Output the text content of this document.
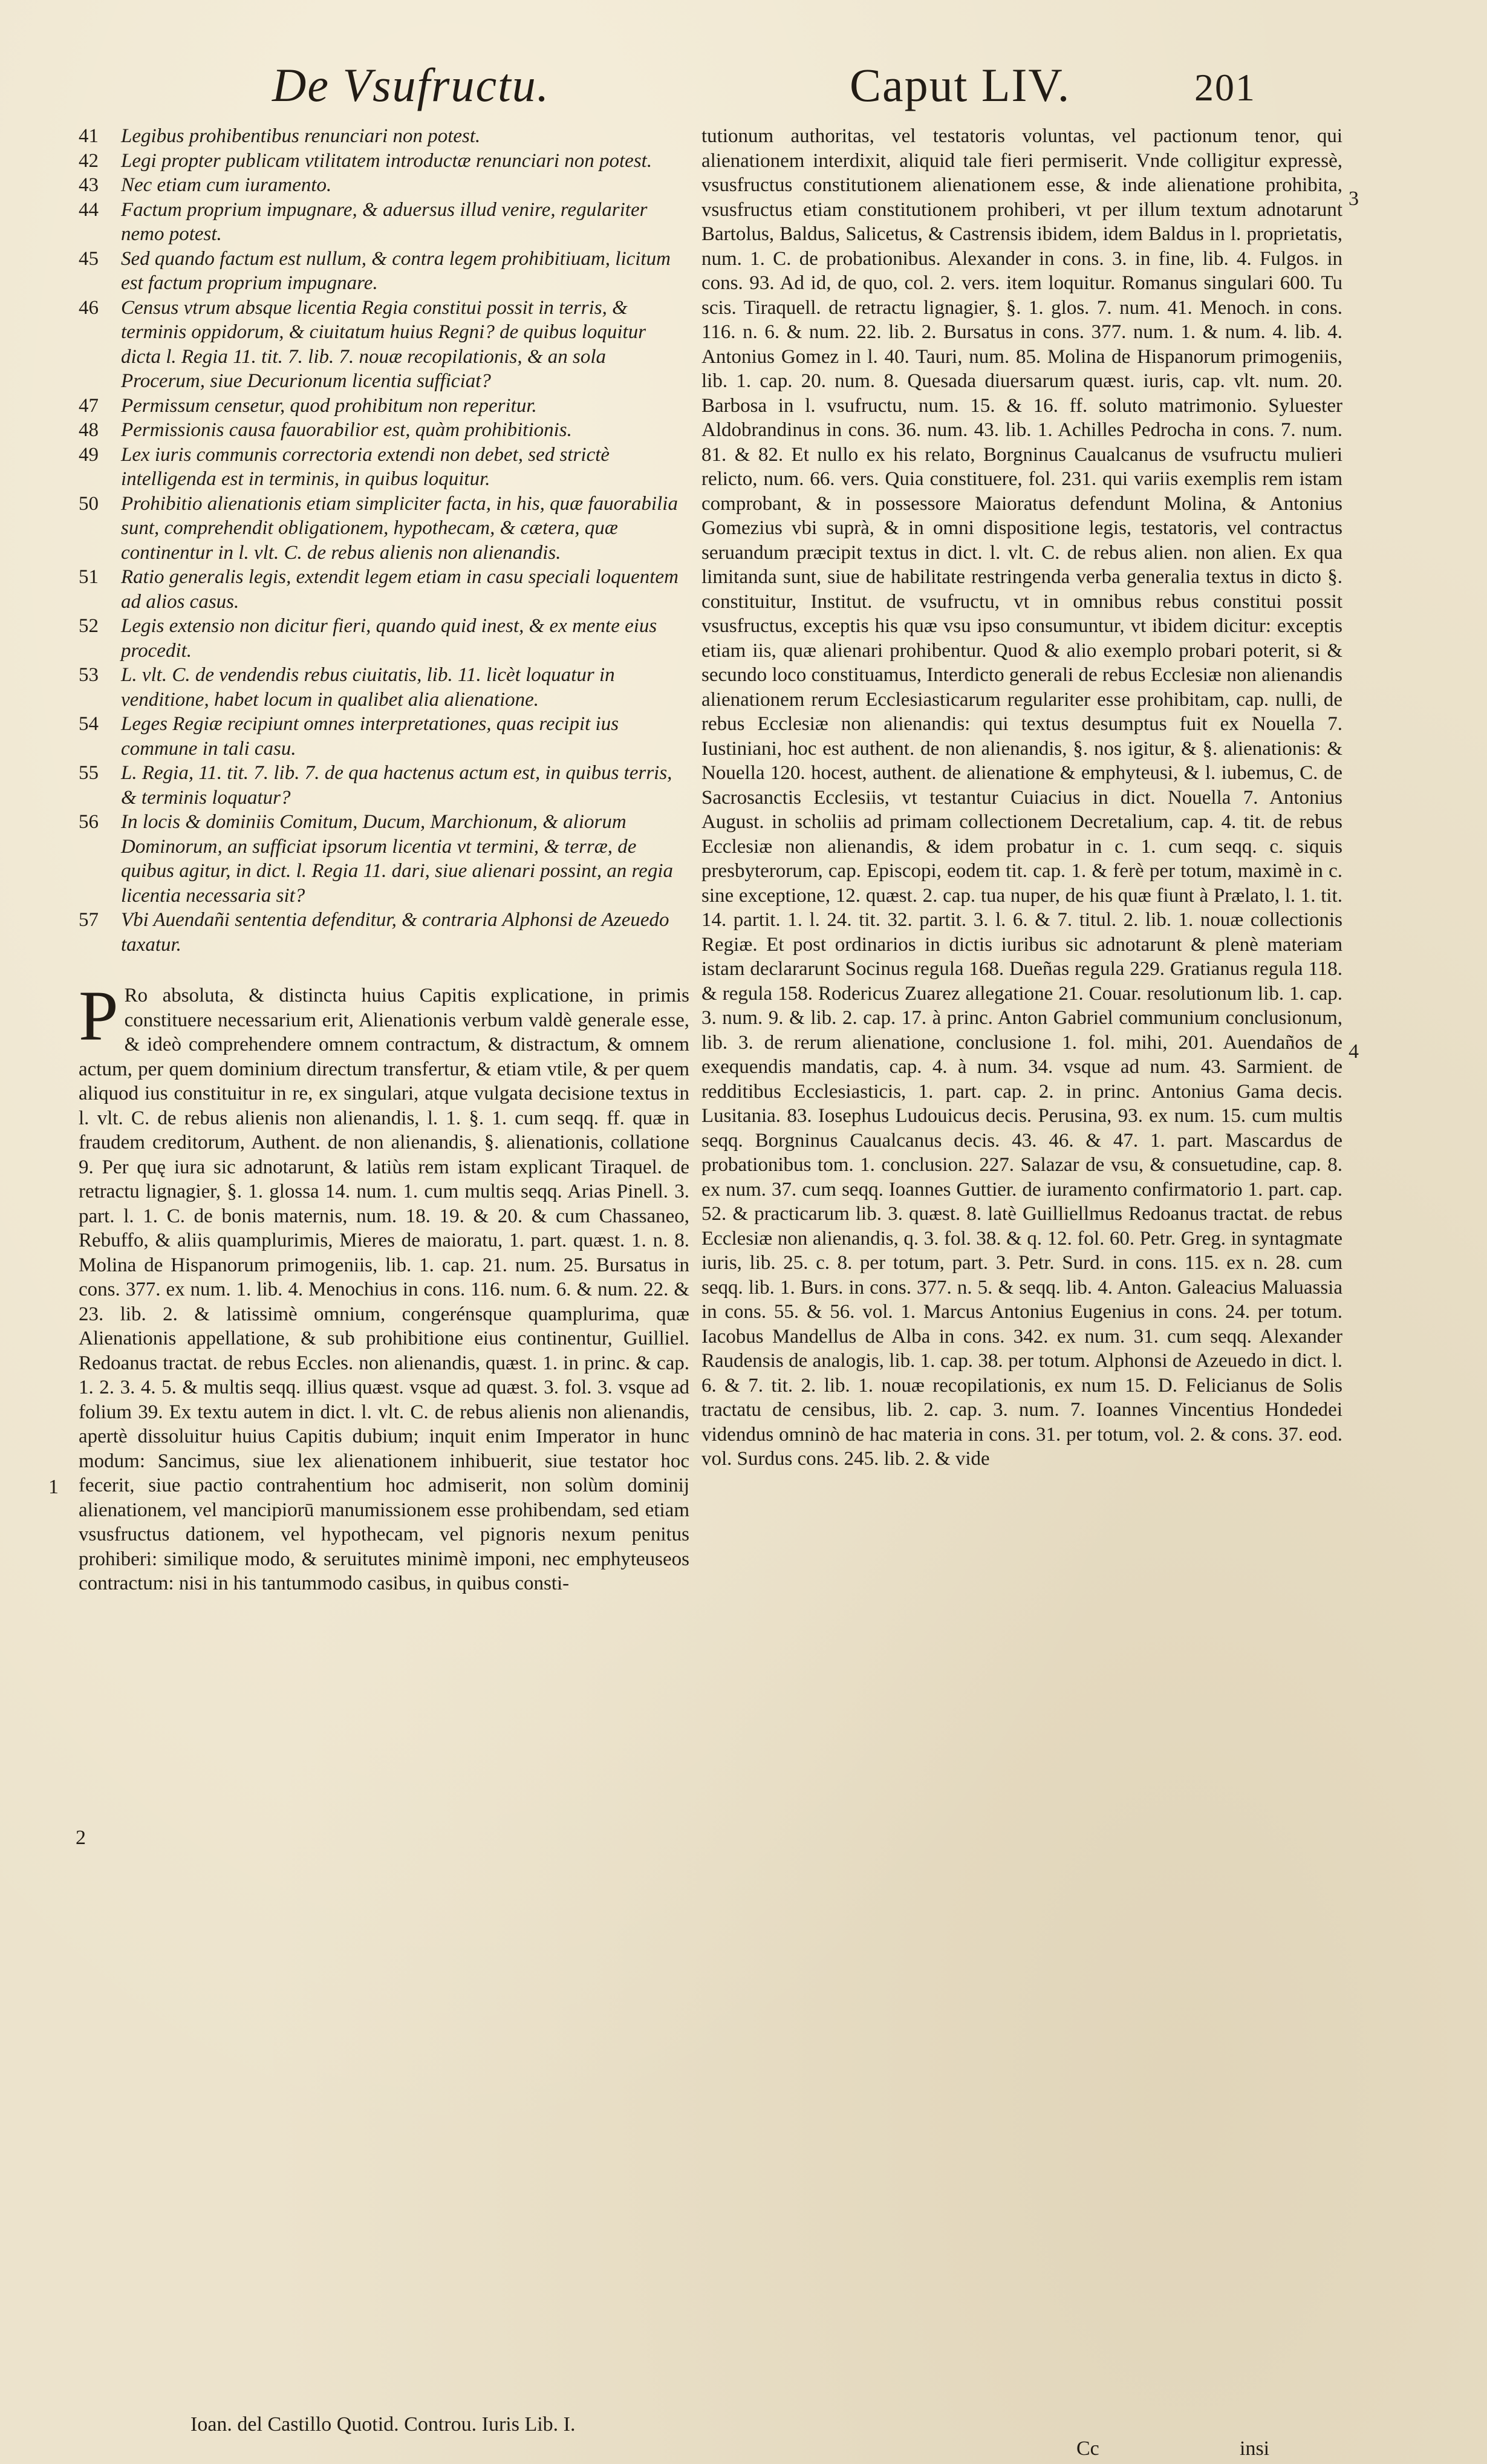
De Vsufructu.	Caput LIV.	201

41	Legibus prohibentibus renunciari non potest.

42	Legi propter publicam vtilitatem introductæ renunciari non potest.

43	Nec etiam cum iuramento.

44	Factum proprium impugnare, & aduersus illud venire, regulariter nemo potest.

45	Sed quando factum est nullum, & contra legem prohibitiuam, licitum est factum proprium impugnare.

46	Census vtrum absque licentia Regia constitui possit in terris, & terminis oppidorum, & ciuitatum huius Regni? de quibus loquitur dicta l. Regia 11. tit. 7. lib. 7. nouæ recopilationis, & an sola Procerum, siue Decurionum licentia sufficiat?

47	Permissum censetur, quod prohibitum non reperitur.

48	Permissionis causa fauorabilior est, quàm prohibitionis.

49	Lex iuris communis correctoria extendi non debet, sed strictè intelligenda est in terminis, in quibus loquitur.

50	Prohibitio alienationis etiam simpliciter facta, in his, quæ fauorabilia sunt, comprehendit obligationem, hypothecam, & cætera, quæ continentur in l. vlt. C. de rebus alienis non alienandis.

51	Ratio generalis legis, extendit legem etiam in casu speciali loquentem ad alios casus.

52	Legis extensio non dicitur fieri, quando quid inest, & ex mente eius procedit.

53	L. vlt. C. de vendendis rebus ciuitatis, lib. 11. licèt loquatur in venditione, habet locum in qualibet alia alienatione.

54	Leges Regiæ recipiunt omnes interpretationes, quas recipit ius commune in tali casu.

55	L. Regia, 11. tit. 7. lib. 7. de qua hactenus actum est, in quibus terris, & terminis loquatur?

56	In locis & dominiis Comitum, Ducum, Marchionum, & aliorum Dominorum, an sufficiat ipsorum licentia vt termini, & terræ, de quibus agitur, in dict. l. Regia 11. dari, siue alienari possint, an regia licentia necessaria sit?

57	Vbi Auendañi sententia defenditur, & contraria Alphonsi de Azeuedo taxatur.

P Ro absoluta, & distincta huius Capitis explicatione, in primis constituere necessarium erit, Alienationis verbum valdè generale esse, & ideò comprehendere omnem contractum, & distractum, & omnem actum, per quem dominium directum transfertur, & etiam vtile, & per quem aliquod ius constituitur in re, ex singulari, atque vulgata decisione textus in l. vlt. C. de rebus alienis non alienandis, l. 1. §. 1. cum seqq. ff. quæ in fraudem creditorum, Authent. de non alienandis, §. alienationis, collatione 9. Per quę iura sic adnotarunt, & latiùs rem istam explicant Tiraquel. de retractu lignagier, §. 1. glossa 14. num. 1. cum multis seqq. Arias Pinell. 3. part. l. 1. C. de bonis maternis, num. 18. 19. & 20. & cum Chassaneo, Rebuffo, & aliis quamplurimis, Mieres de maioratu, 1. part. quæst. 1. n. 8. Molina de Hispanorum primogeniis, lib. 1. cap. 21. num. 25. Bursatus in cons. 377. ex num. 1. lib. 4. Menochius in cons. 116. num. 6. & num. 22. & 23. lib. 2. & latissimè omnium, congerénsque quamplurima, quæ Alienationis appellatione, & sub prohibitione eius continentur, Guilliel. Redoanus tractat. de rebus Eccles. non alienandis, quæst. 1. in princ. & cap. 1. 2. 3. 4. 5. & multis seqq. illius quæst. vsque ad quæst. 3. fol. 3. vsque ad folium 39. Ex textu autem in dict. l. vlt. C. de rebus alienis non alienandis, apertè dissoluitur huius Capitis dubium; inquit enim Imperator in hunc modum: Sancimus, siue lex alienationem inhibuerit, siue testator hoc fecerit, siue pactio contrahentium hoc admiserit, non solùm dominij alienationem, vel mancipiorū manumissionem esse prohibendam, sed etiam vsusfructus dationem, vel hypothecam, vel pignoris nexum penitus prohiberi: similique modo, & seruitutes minimè imponi, nec emphyteuseos contractum: nisi in his tantummodo casibus, in quibus consti-

tutionum authoritas, vel testatoris voluntas, vel pactionum tenor, qui alienationem interdixit, aliquid tale fieri permiserit. Vnde colligitur expressè, vsusfructus constitutionem alienationem esse, & inde alienatione prohibita, vsusfructus etiam constitutionem prohiberi, vt per illum textum adnotarunt Bartolus, Baldus, Salicetus, & Castrensis ibidem, idem Baldus in l. proprietatis, num. 1. C. de probationibus. Alexander in cons. 3. in fine, lib. 4. Fulgos. in cons. 93. Ad id, de quo, col. 2. vers. item loquitur. Romanus singulari 600. Tu scis. Tiraquell. de retractu lignagier, §. 1. glos. 7. num. 41. Menoch. in cons. 116. n. 6. & num. 22. lib. 2. Bursatus in cons. 377. num. 1. & num. 4. lib. 4. Antonius Gomez in l. 40. Tauri, num. 85. Molina de Hispanorum primogeniis, lib. 1. cap. 20. num. 8. Quesada diuersarum quæst. iuris, cap. vlt. num. 20. Barbosa in l. vsufructu, num. 15. & 16. ff. soluto matrimonio. Syluester Aldobrandinus in cons. 36. num. 43. lib. 1. Achilles Pedrocha in cons. 7. num. 81. & 82. Et nullo ex his relato, Borgninus Caualcanus de vsufructu mulieri relicto, num. 66. vers. Quia constituere, fol. 231. qui variis exemplis rem istam comprobant, & in possessore Maioratus defendunt Molina, & Antonius Gomezius vbi suprà, & in omni dispositione legis, testatoris, vel contractus seruandum præcipit textus in dict. l. vlt. C. de rebus alien. non alien. Ex qua limitanda sunt, siue de habilitate restringenda verba generalia textus in dicto §. constituitur, Institut. de vsufructu, vt in omnibus rebus constitui possit vsusfructus, exceptis his quæ vsu ipso consumuntur, vt ibidem dicitur: exceptis etiam iis, quæ alienari prohibentur. Quod & alio exemplo probari poterit, si & secundo loco constituamus, Interdicto generali de rebus Ecclesiæ non alienandis alienationem rerum Ecclesiasticarum regulariter esse prohibitam, cap. nulli, de rebus Ecclesiæ non alienandis: qui textus desumptus fuit ex Nouella 7. Iustiniani, hoc est authent. de non alienandis, §. nos igitur, & §. alienationis: & Nouella 120. hocest, authent. de alienatione & emphyteusi, & l. iubemus, C. de Sacrosanctis Ecclesiis, vt testantur Cuiacius in dict. Nouella 7. Antonius August. in scholiis ad primam collectionem Decretalium, cap. 4. tit. de rebus Ecclesiæ non alienandis, & idem probatur in c. 1. cum seqq. c. siquis presbyterorum, cap. Episcopi, eodem tit. cap. 1. & ferè per totum, maximè in c. sine exceptione, 12. quæst. 2. cap. tua nuper, de his quæ fiunt à Prælato, l. 1. tit. 14. partit. 1. l. 24. tit. 32. partit. 3. l. 6. & 7. titul. 2. lib. 1. nouæ collectionis Regiæ. Et post ordinarios in dictis iuribus sic adnotarunt & plenè materiam istam declararunt Socinus regula 168. Dueñas regula 229. Gratianus regula 118. & regula 158. Rodericus Zuarez allegatione 21. Couar. resolutionum lib. 1. cap. 3. num. 9. & lib. 2. cap. 17. à princ. Anton Gabriel communium conclusionum, lib. 3. de rerum alienatione, conclusione 1. fol. mihi, 201. Auendaños de exequendis mandatis, cap. 4. à num. 34. vsque ad num. 43. Sarmient. de redditibus Ecclesiasticis, 1. part. cap. 2. in princ. Antonius Gama decis. Lusitania. 83. Iosephus Ludouicus decis. Perusina, 93. ex num. 15. cum multis seqq. Borgninus Caualcanus decis. 43. 46. & 47. 1. part. Mascardus de probationibus tom. 1. conclusion. 227. Salazar de vsu, & consuetudine, cap. 8. ex num. 37. cum seqq. Ioannes Guttier. de iuramento confirmatorio 1. part. cap. 52. & practicarum lib. 3. quæst. 8. latè Guilliellmus Redoanus tractat. de rebus Ecclesiæ non alienandis, q. 3. fol. 38. & q. 12. fol. 60. Petr. Greg. in syntagmate iuris, lib. 25. c. 8. per totum, part. 3. Petr. Surd. in cons. 115. ex n. 28. cum seqq. lib. 1. Burs. in cons. 377. n. 5. & seqq. lib. 4. Anton. Galeacius Maluassia in cons. 55. & 56. vol. 1. Marcus Antonius Eugenius in cons. 24. per totum. Iacobus Mandellus de Alba in cons. 342. ex num. 31. cum seqq. Alexander Raudensis de analogis, lib. 1. cap. 38. per totum. Alphonsi de Azeuedo in dict. l. 6. & 7. tit. 2. lib. 1. nouæ recopilationis, ex num 15. D. Felicianus de Solis tractatu de censibus, lib. 2. cap. 3. num. 7. Ioannes Vincentius Hondedei videndus omninò de hac materia in cons. 31. per totum, vol. 2. & cons. 37. eod. vol. Surdus cons. 245. lib. 2. & vide

1
2
3
4
Ioan. del Castillo Quotid. Controu. Iuris Lib. I.
Cc	insi
